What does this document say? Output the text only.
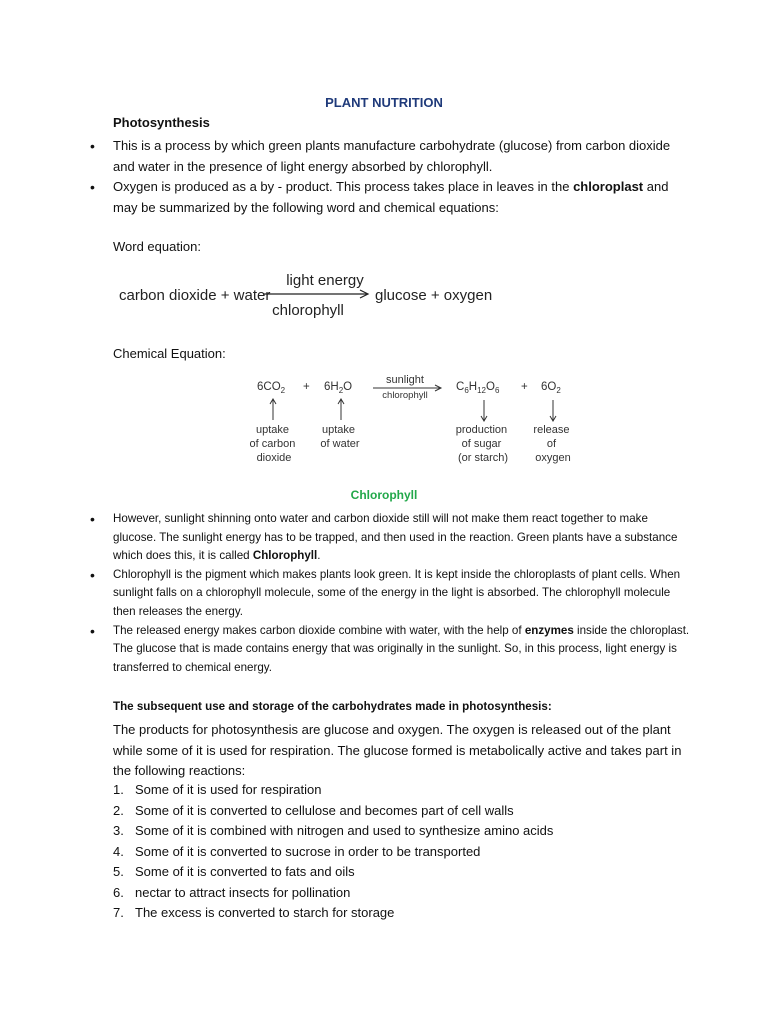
PLANT NUTRITION
Photosynthesis
• This is a process by which green plants manufacture carbohydrate (glucose) from carbon dioxide and water in the presence of light energy absorbed by chlorophyll.
• Oxygen is produced as a by - product. This process takes place in leaves in the chloroplast and may be summarized by the following word and chemical equations:
Word equation:
carbon dioxide + water
light energy
chlorophyll
glucose + oxygen
Chemical Equation:
$6CO_2 + 6H_2O$
sunlight
chlorophyll
$C_6H_{12}O_6 + 6O_2$
uptake of carbon dioxide
uptake of water
production of sugar (or starch)
release of oxygen
Chlorophyll
• However, sunlight shinning onto water and carbon dioxide still will not make them react together to make glucose. The sunlight energy has to be trapped, and then used in the reaction. Green plants have a substance which does this, it is called Chlorophyll.
• Chlorophyll is the pigment which makes plants look green. It is kept inside the chloroplasts of plant cells. When sunlight falls on a chlorophyll molecule, some of the energy in the light is absorbed. The chlorophyll molecule then releases the energy.
• The released energy makes carbon dioxide combine with water, with the help of enzymes inside the chloroplast. The glucose that is made contains energy that was originally in the sunlight. So, in this process, light energy is transferred to chemical energy.
The subsequent use and storage of the carbohydrates made in photosynthesis:
The products for photosynthesis are glucose and oxygen. The oxygen is released out of the plant while some of it is used for respiration. The glucose formed is metabolically active and takes part in the following reactions:
1. Some of it is used for respiration
2. Some of it is converted to cellulose and becomes part of cell walls
3. Some of it is combined with nitrogen and used to synthesize amino acids
4. Some of it is converted to sucrose in order to be transported
5. Some of it is converted to fats and oils
6. nectar to attract insects for pollination
7. The excess is converted to starch for storage
